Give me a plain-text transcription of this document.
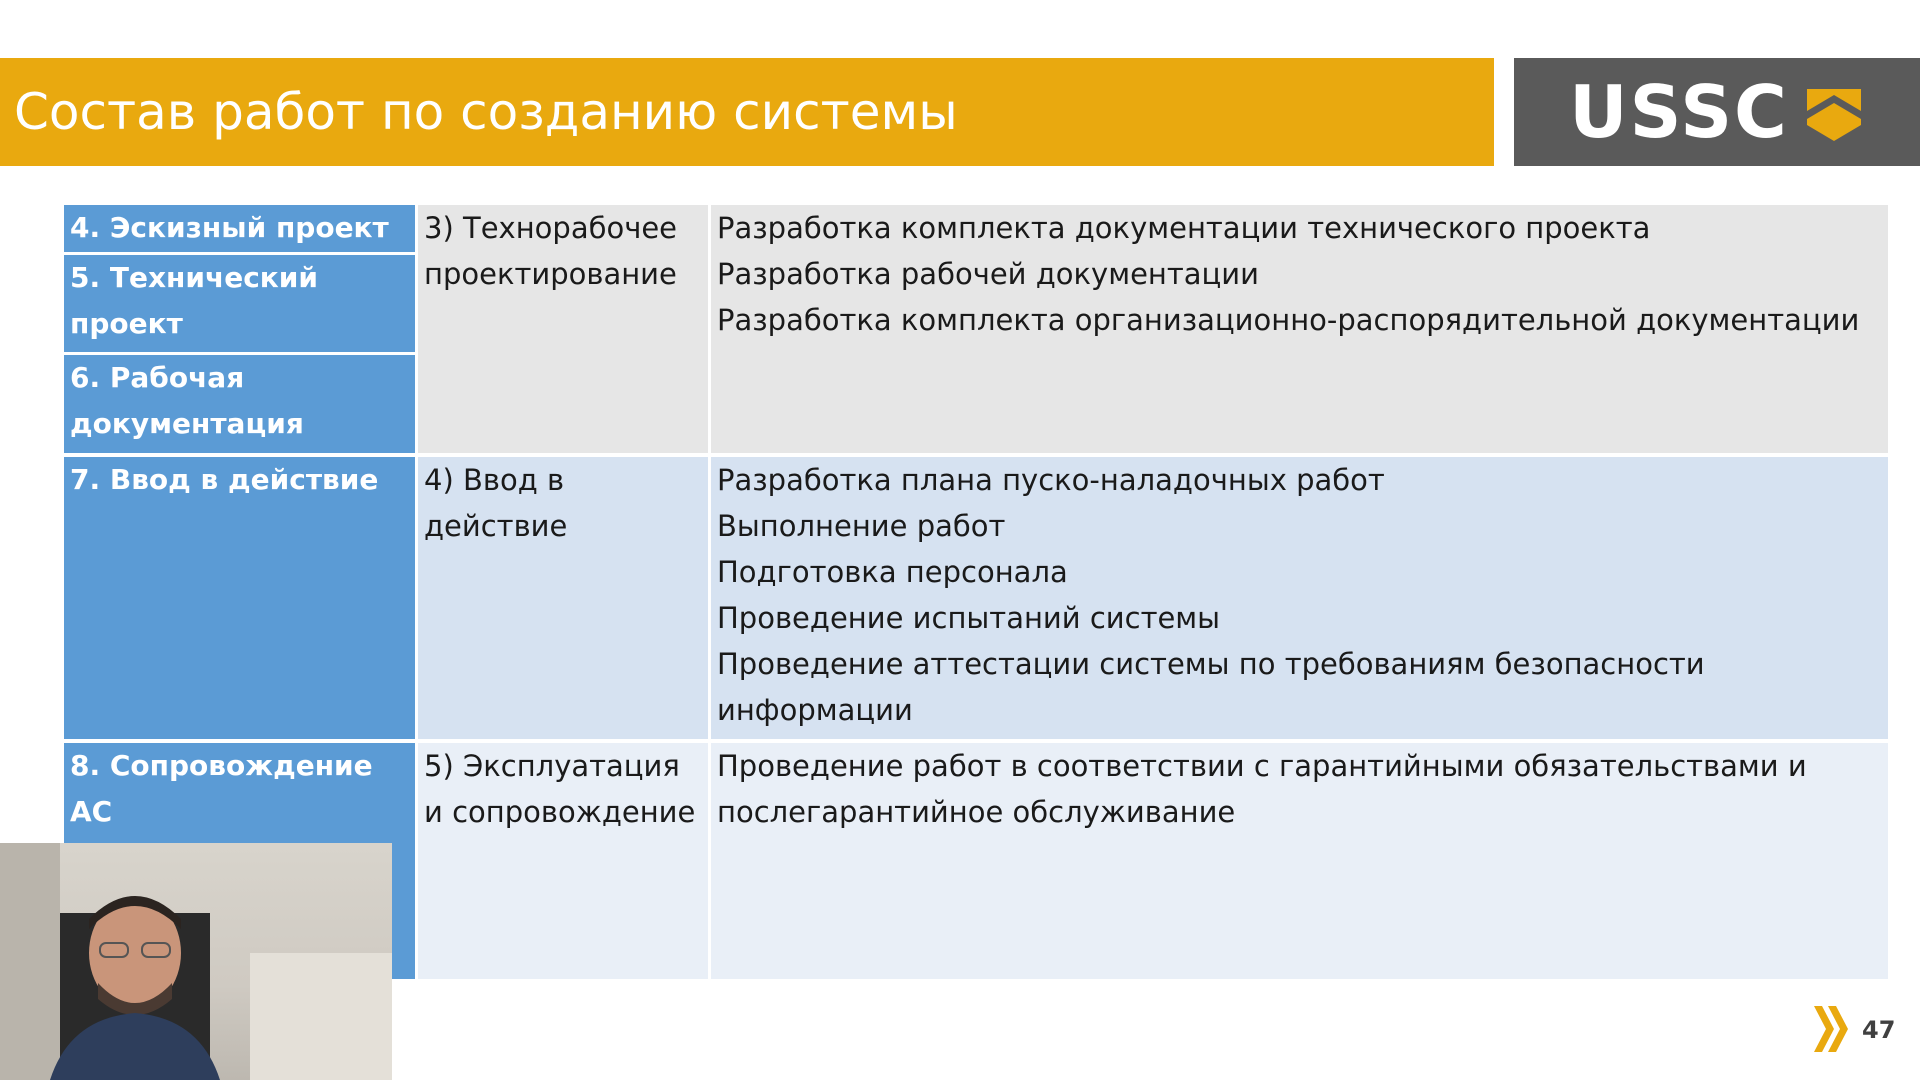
Состав работ по созданию системы	USSC
4. Эскизный проект
5. Технический проект
6. Рабочая документация
3) Технорабочее проектирование
Разработка комплекта документации технического проекта
Разработка рабочей документации
Разработка комплекта организационно-распорядительной документации
7. Ввод в действие	4) Ввод в действие
Разработка плана пуско-наладочных работ
Выполнение работ
Подготовка персонала
Проведение испытаний системы
Проведение аттестации системы по требованиям безопасности информации
8. Сопровождение АС
5) Эксплуатация и сопровождение
Проведение работ в соответствии с гарантийными обязательствами и послегарантийное обслуживание
47
